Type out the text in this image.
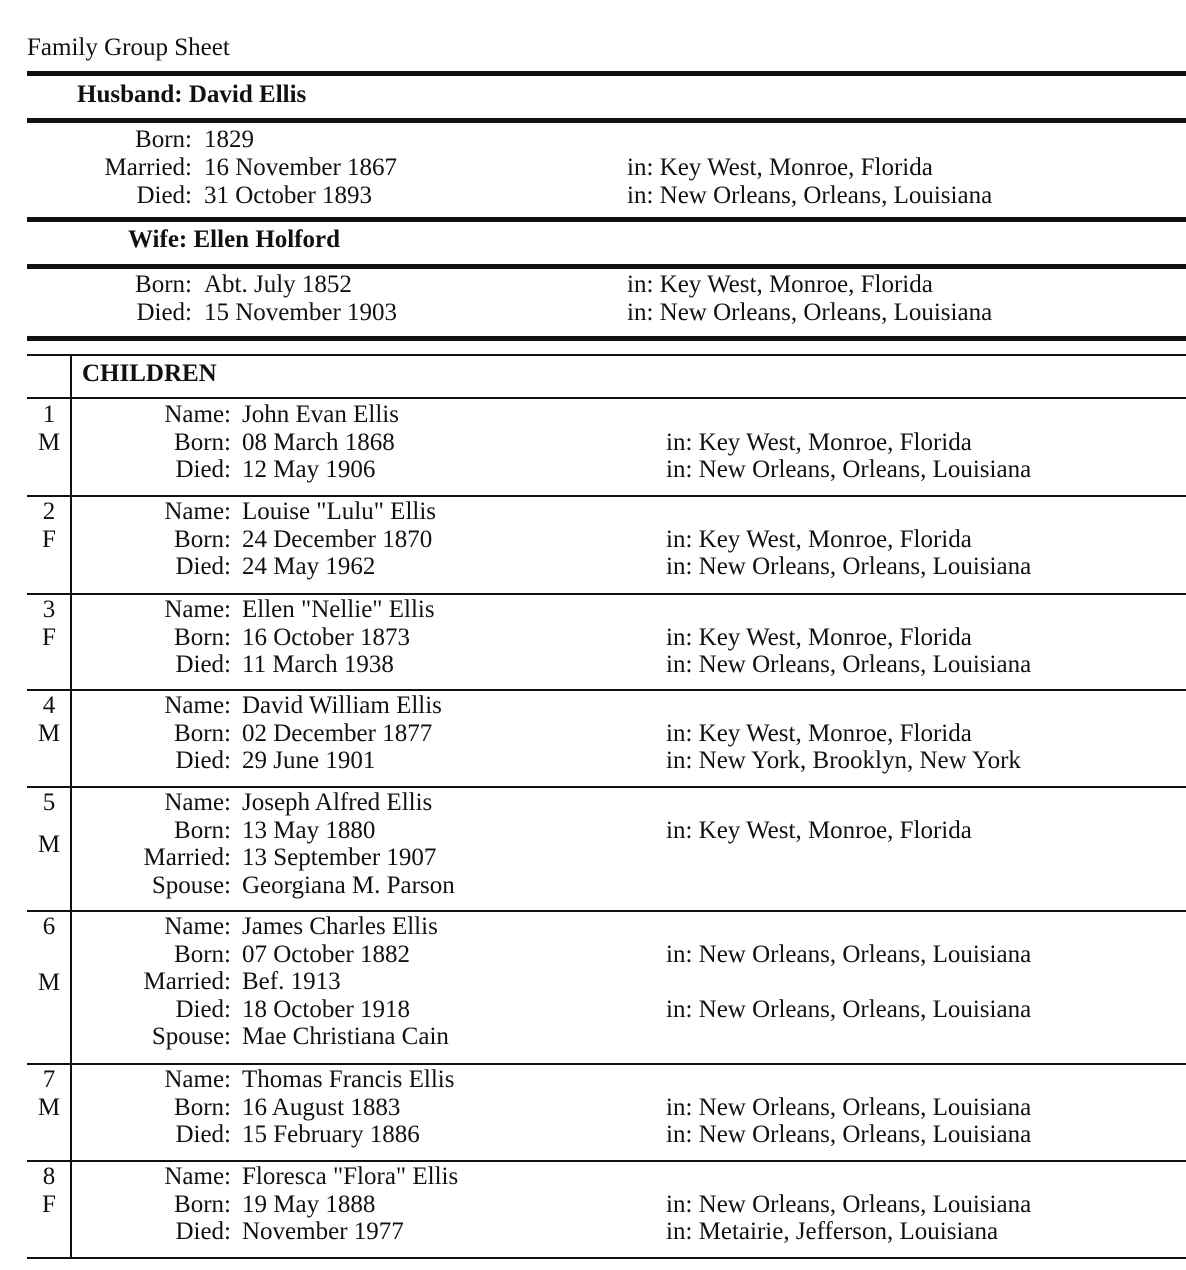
Family Group Sheet
Husband: David Ellis
Born: 1829
Married: 16 November 1867	in: Key West, Monroe, Florida
Died: 31 October 1893	in: New Orleans, Orleans, Louisiana
Wife: Ellen Holford
Born: Abt. July 1852	in: Key West, Monroe, Florida
Died: 15 November 1903	in: New Orleans, Orleans, Louisiana
CHILDREN
1
M
Name: John Evan Ellis
Born: 08 March 1868	in: Key West, Monroe, Florida
Died: 12 May 1906	in: New Orleans, Orleans, Louisiana
2
F
Name: Louise "Lulu" Ellis
Born: 24 December 1870	in: Key West, Monroe, Florida
Died: 24 May 1962	in: New Orleans, Orleans, Louisiana
3
F
Name: Ellen "Nellie" Ellis
Born: 16 October 1873	in: Key West, Monroe, Florida
Died: 11 March 1938	in: New Orleans, Orleans, Louisiana
4
M
Name: David William Ellis
Born: 02 December 1877	in: Key West, Monroe, Florida
Died: 29 June 1901	in: New York, Brooklyn, New York
5
M
Name: Joseph Alfred Ellis
Born: 13 May 1880	in: Key West, Monroe, Florida
Married: 13 September 1907
Spouse: Georgiana M. Parson
6
M
Name: James Charles Ellis
Born: 07 October 1882	in: New Orleans, Orleans, Louisiana
Married: Bef. 1913
Died: 18 October 1918	in: New Orleans, Orleans, Louisiana
Spouse: Mae Christiana Cain
7
M
Name: Thomas Francis Ellis
Born: 16 August 1883	in: New Orleans, Orleans, Louisiana
Died: 15 February 1886	in: New Orleans, Orleans, Louisiana
8
F
Name: Floresca "Flora" Ellis
Born: 19 May 1888	in: New Orleans, Orleans, Louisiana
Died: November 1977	in: Metairie, Jefferson, Louisiana
